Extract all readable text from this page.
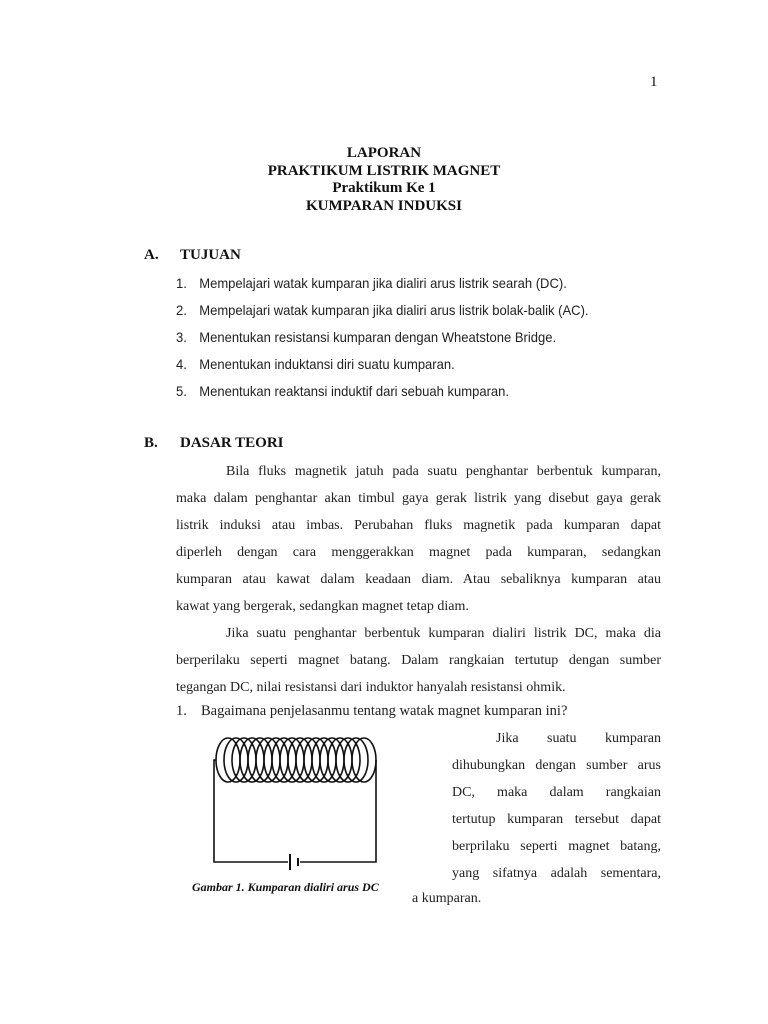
1
LAPORAN
PRAKTIKUM LISTRIK MAGNET
Praktikum Ke 1
KUMPARAN INDUKSI
A. TUJUAN
1. Mempelajari watak kumparan jika dialiri arus listrik searah (DC).
2. Mempelajari watak kumparan jika dialiri arus listrik bolak-balik (AC).
3. Menentukan resistansi kumparan dengan Wheatstone Bridge.
4. Menentukan induktansi diri suatu kumparan.
5. Menentukan reaktansi induktif dari sebuah kumparan.
B. DASAR TEORI
Bila fluks magnetik jatuh pada suatu penghantar berbentuk kumparan,
maka dalam penghantar akan timbul gaya gerak listrik yang disebut gaya gerak
listrik induksi atau imbas. Perubahan fluks magnetik pada kumparan dapat
diperleh dengan cara menggerakkan magnet pada kumparan, sedangkan
kumparan atau kawat dalam keadaan diam. Atau sebaliknya kumparan atau
kawat yang bergerak, sedangkan magnet tetap diam.
Jika suatu penghantar berbentuk kumparan dialiri listrik DC, maka dia
berperilaku seperti magnet batang. Dalam rangkaian tertutup dengan sumber
tegangan DC, nilai resistansi dari induktor hanyalah resistansi ohmik.
1. Bagaimana penjelasanmu tentang watak magnet kumparan ini?
Gambar 1. Kumparan dialiri arus DC
Jika suatu kumparan
dihubungkan dengan sumber arus
DC, maka dalam rangkaian
tertutup kumparan tersebut dapat
berprilaku seperti magnet batang,
yang sifatnya adalah sementara,
a kumparan.
